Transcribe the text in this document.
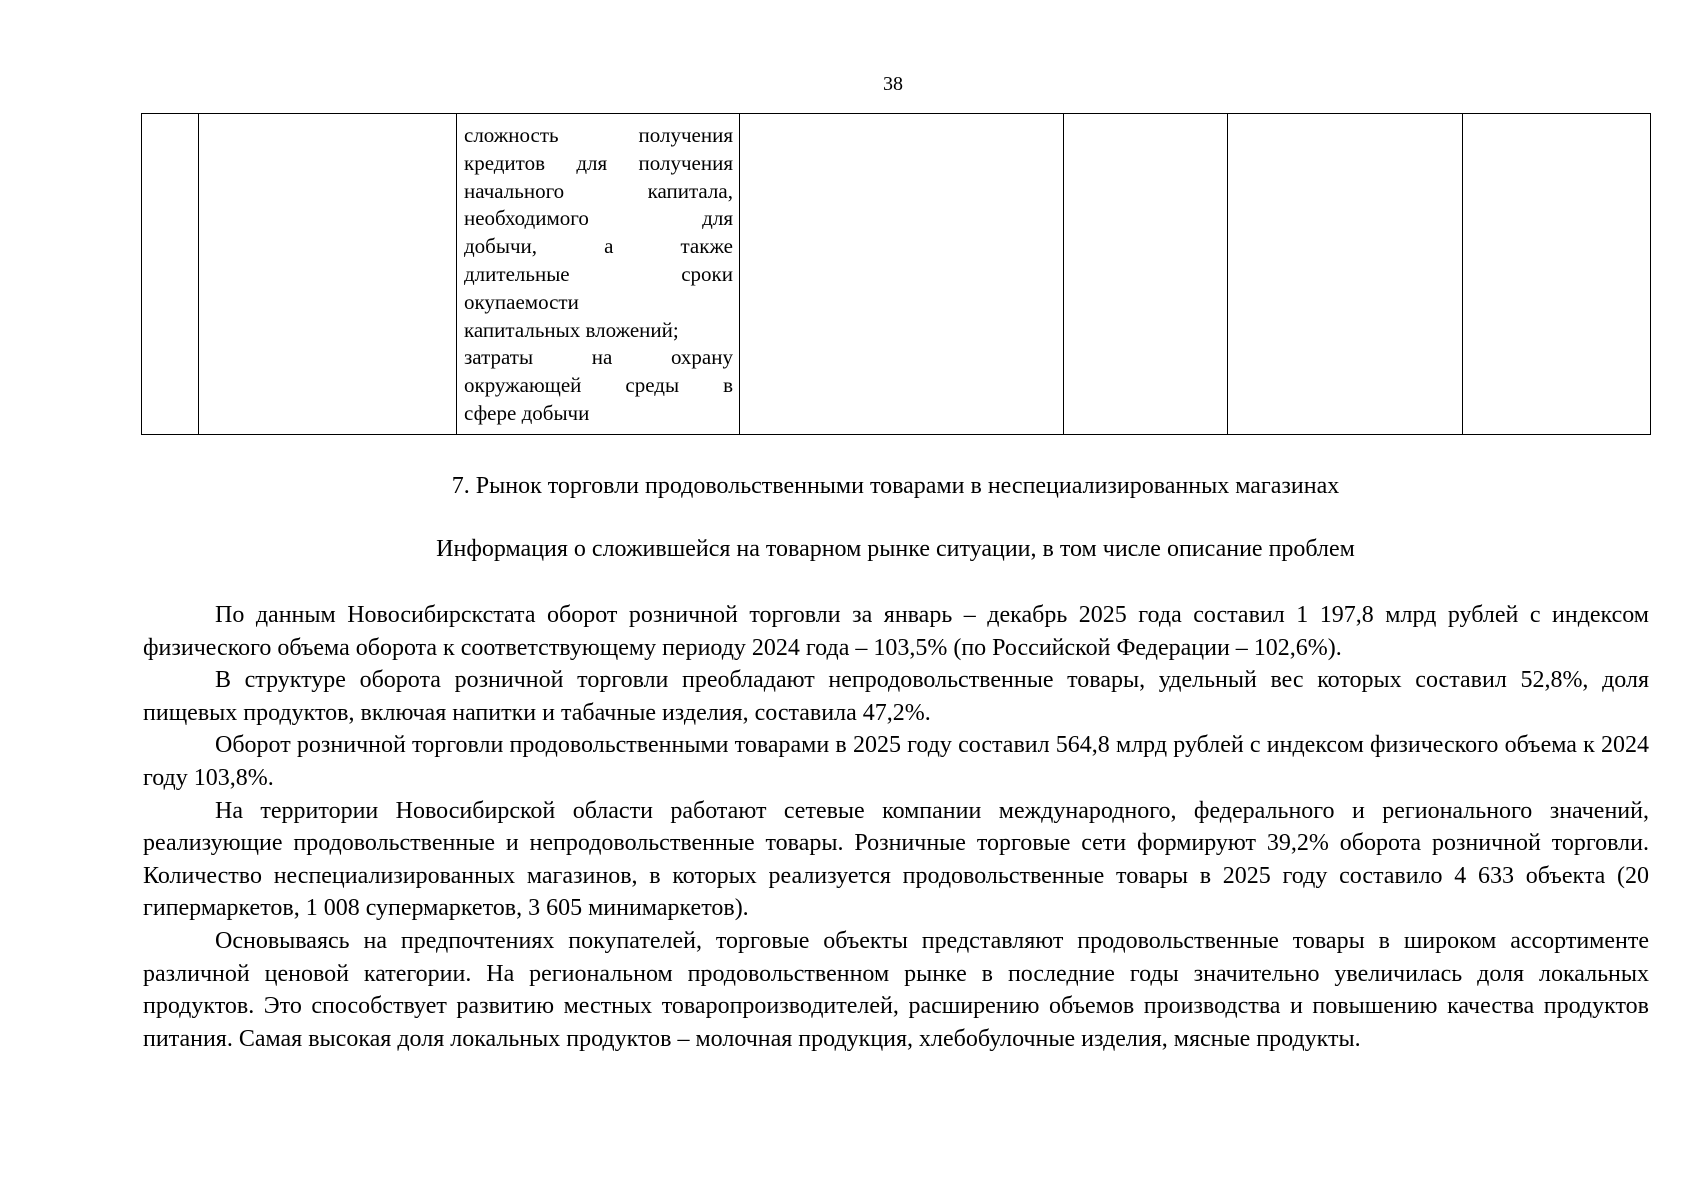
38

сложность получения
кредитов для получения
начального капитала,
необходимого для
добычи, а также
длительные сроки
окупаемости
капитальных вложений;
затраты на охрану
окружающей среды в
сфере добычи

7. Рынок торговли продовольственными товарами в неспециализированных магазинах
Информация о сложившейся на товарном рынке ситуации, в том числе описание проблем

По данным Новосибирскстата оборот розничной торговли за январь – декабрь 2025 года составил 1 197,8 млрд рублей с индексом физического объема оборота к соответствующему периоду 2024 года – 103,5% (по Российской Федерации – 102,6%).

В структуре оборота розничной торговли преобладают непродовольственные товары, удельный вес которых составил 52,8%, доля пищевых продуктов, включая напитки и табачные изделия, составила 47,2%.

Оборот розничной торговли продовольственными товарами в 2025 году составил 564,8 млрд рублей с индексом физического объема к 2024 году 103,8%.

На территории Новосибирской области работают сетевые компании международного, федерального и регионального значений, реализующие продовольственные и непродовольственные товары. Розничные торговые сети формируют 39,2% оборота розничной торговли. Количество неспециализированных магазинов, в которых реализуется продовольственные товары в 2025 году составило 4 633 объекта (20 гипермаркетов, 1 008 супермаркетов, 3 605 минимаркетов).

Основываясь на предпочтениях покупателей, торговые объекты представляют продовольственные товары в широком ассортименте различной ценовой категории. На региональном продовольственном рынке в последние годы значительно увеличилась доля локальных продуктов. Это способствует развитию местных товаропроизводителей, расширению объемов производства и повышению качества продуктов питания. Самая высокая доля локальных продуктов – молочная продукция, хлебобулочные изделия, мясные продукты.
